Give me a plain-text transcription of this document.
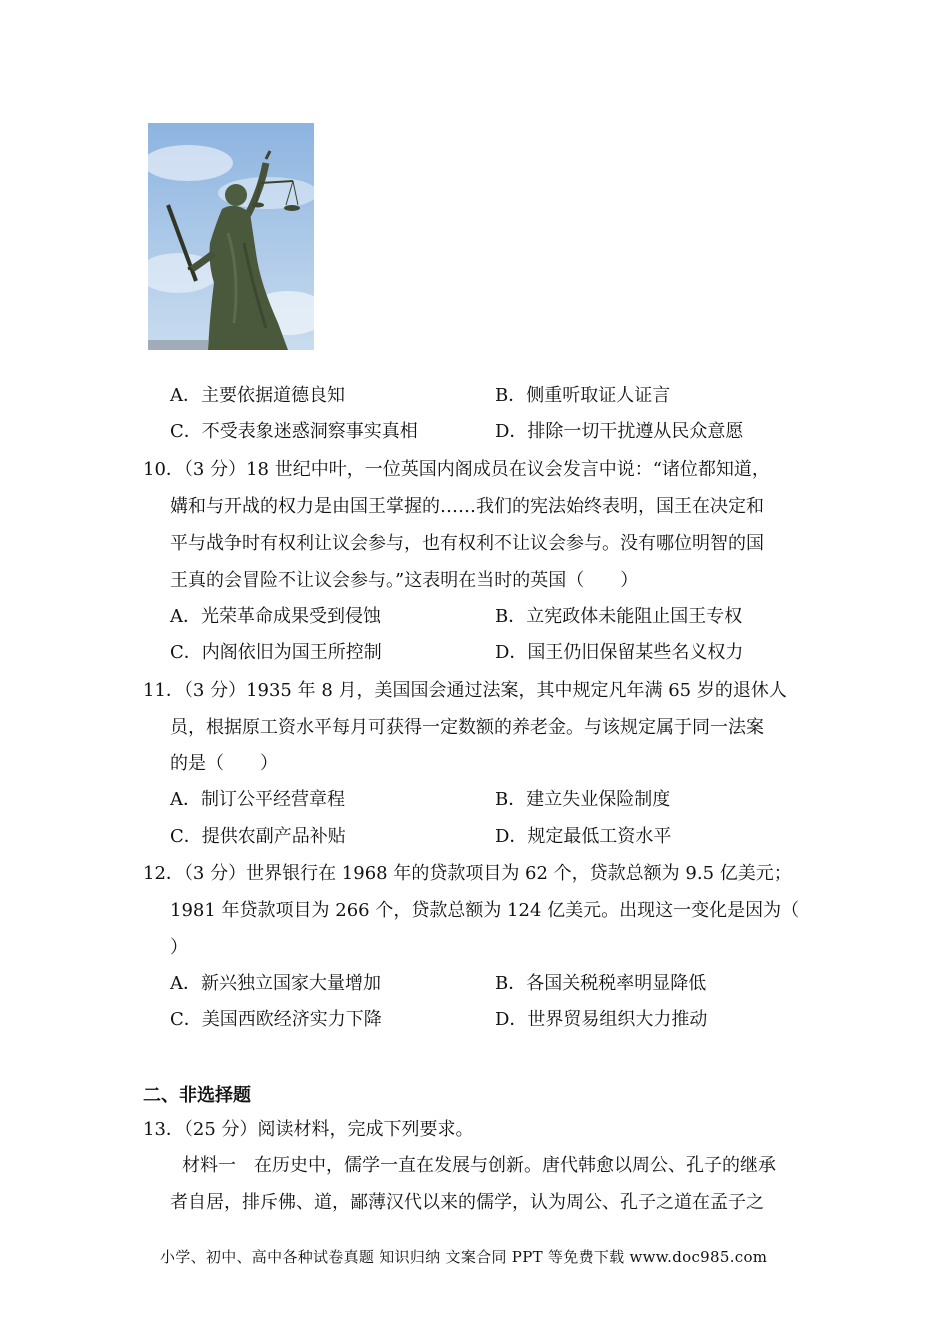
A．主要依据道德良知	B．侧重听取证人证言
C．不受表象迷惑洞察事实真相	D．排除一切干扰遵从民众意愿
10．（3 分）18 世纪中叶，一位英国内阁成员在议会发言中说：“诸位都知道，
媾和与开战的权力是由国王掌握的……我们的宪法始终表明，国王在决定和
平与战争时有权利让议会参与，也有权利不让议会参与。没有哪位明智的国
王真的会冒险不让议会参与。”这表明在当时的英国（　　）
A．光荣革命成果受到侵蚀	B．立宪政体未能阻止国王专权
C．内阁依旧为国王所控制	D．国王仍旧保留某些名义权力
11．（3 分）1935 年 8 月，美国国会通过法案，其中规定凡年满 65 岁的退休人
员，根据原工资水平每月可获得一定数额的养老金。与该规定属于同一法案
的是（　　）
A．制订公平经营章程	B．建立失业保险制度
C．提供农副产品补贴	D．规定最低工资水平
12．（3 分）世界银行在 1968 年的贷款项目为 62 个，贷款总额为 9.5 亿美元；
1981 年贷款项目为 266 个，贷款总额为 124 亿美元。出现这一变化是因为（
）
A．新兴独立国家大量增加	B．各国关税税率明显降低
C．美国西欧经济实力下降	D．世界贸易组织大力推动
二、非选择题
13．（25 分）阅读材料，完成下列要求。
材料一　在历史中，儒学一直在发展与创新。唐代韩愈以周公、孔子的继承
者自居，排斥佛、道，鄙薄汉代以来的儒学，认为周公、孔子之道在孟子之
小学、初中、高中各种试卷真题 知识归纳 文案合同 PPT 等免费下载 www.doc985.com
